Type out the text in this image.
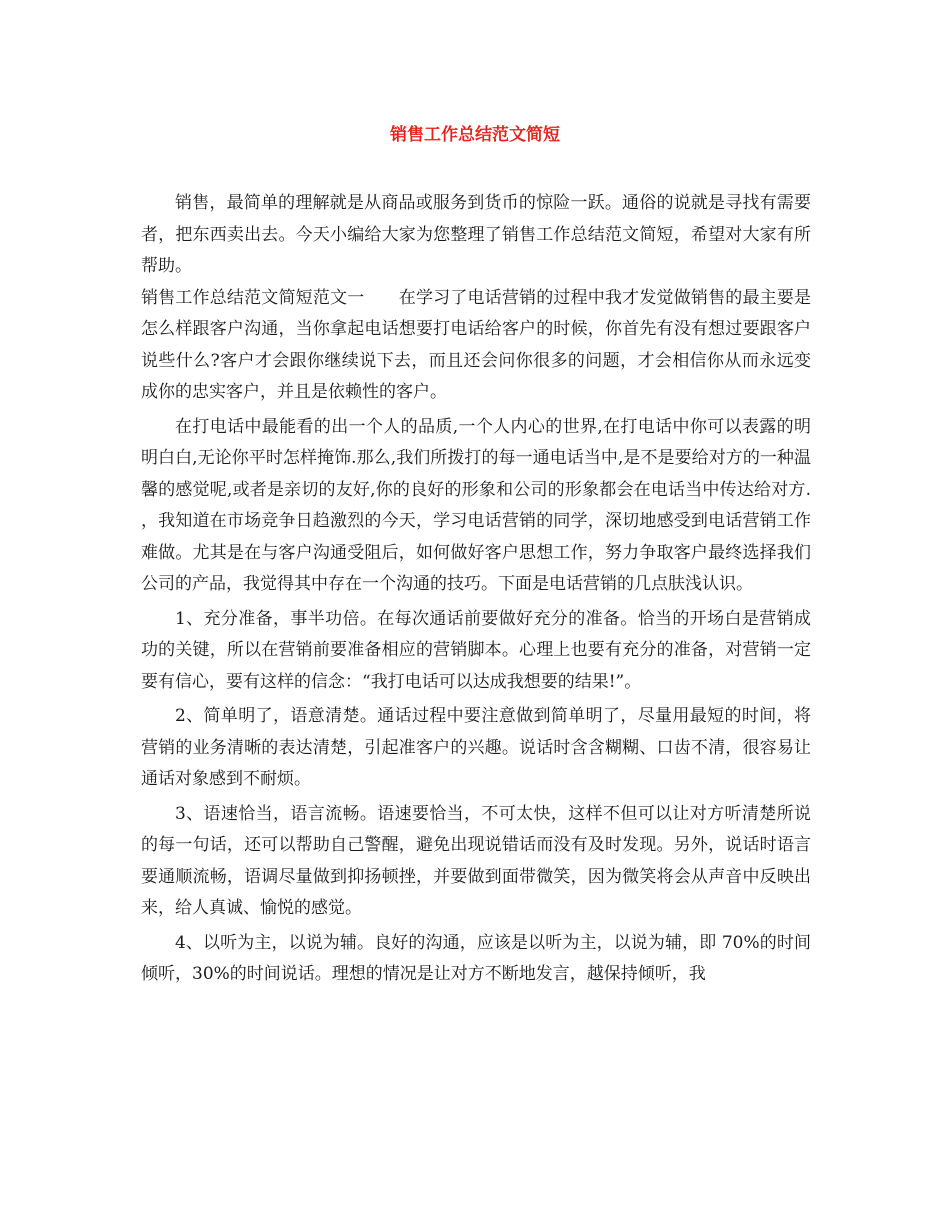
销售工作总结范文简短

销售，最简单的理解就是从商品或服务到货币的惊险一跃。通俗的说就是寻找有需要者，把东西卖出去。今天小编给大家为您整理了销售工作总结范文简短，希望对大家有所帮助。

销售工作总结范文简短范文一　　在学习了电话营销的过程中我才发觉做销售的最主要是怎么样跟客户沟通，当你拿起电话想要打电话给客户的时候，你首先有没有想过要跟客户说些什么?客户才会跟你继续说下去，而且还会问你很多的问题，才会相信你从而永远变成你的忠实客户，并且是依赖性的客户。

在打电话中最能看的出一个人的品质,一个人内心的世界,在打电话中你可以表露的明明白白,无论你平时怎样掩饰.那么,我们所拨打的每一通电话当中,是不是要给对方的一种温馨的感觉呢,或者是亲切的友好,你的良好的形象和公司的形象都会在电话当中传达给对方. ，我知道在市场竞争日趋激烈的今天，学习电话营销的同学，深切地感受到电话营销工作难做。尤其是在与客户沟通受阻后，如何做好客户思想工作，努力争取客户最终选择我们公司的产品，我觉得其中存在一个沟通的技巧。下面是电话营销的几点肤浅认识。

1、充分准备，事半功倍。在每次通话前要做好充分的准备。恰当的开场白是营销成功的关键，所以在营销前要准备相应的营销脚本。心理上也要有充分的准备，对营销一定要有信心，要有这样的信念：“我打电话可以达成我想要的结果!”。

2、简单明了，语意清楚。通话过程中要注意做到简单明了，尽量用最短的时间，将营销的业务清晰的表达清楚，引起准客户的兴趣。说话时含含糊糊、口齿不清，很容易让通话对象感到不耐烦。

3、语速恰当，语言流畅。语速要恰当，不可太快，这样不但可以让对方听清楚所说的每一句话，还可以帮助自己警醒，避免出现说错话而没有及时发现。另外，说话时语言要通顺流畅，语调尽量做到抑扬顿挫，并要做到面带微笑，因为微笑将会从声音中反映出来，给人真诚、愉悦的感觉。

4、以听为主，以说为辅。良好的沟通，应该是以听为主，以说为辅，即 70%的时间倾听，30%的时间说话。理想的情况是让对方不断地发言，越保持倾听，我
